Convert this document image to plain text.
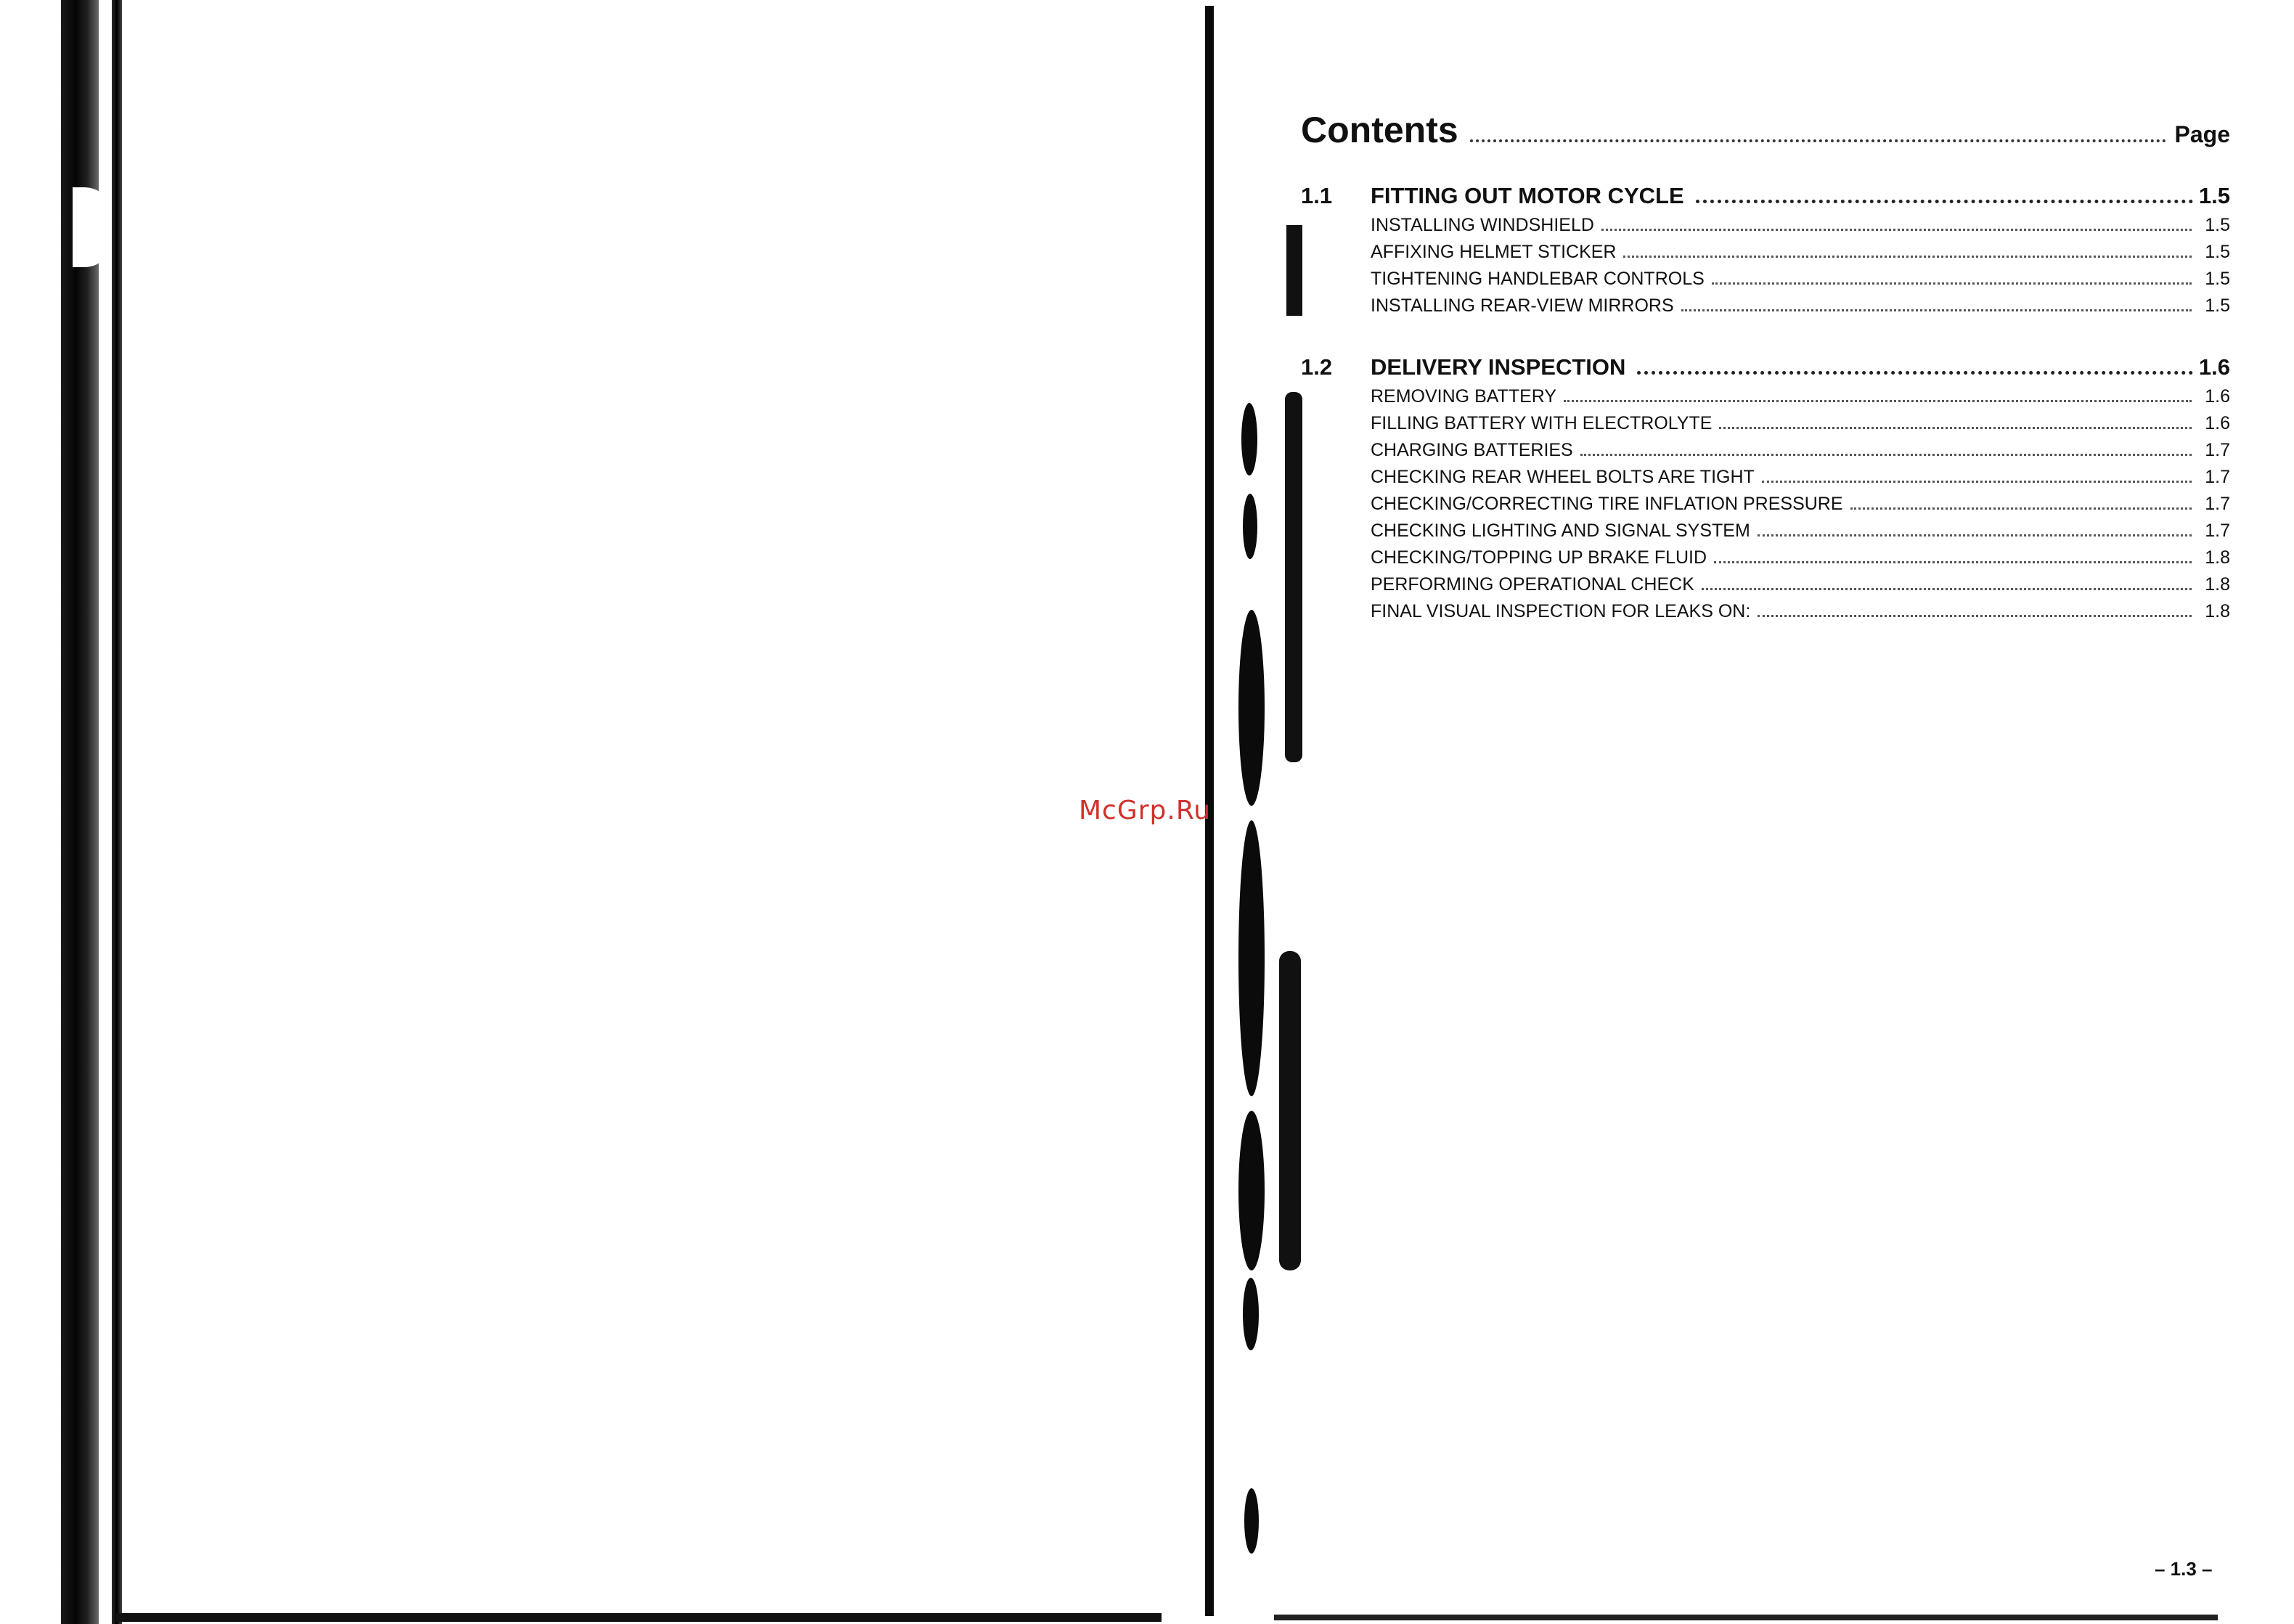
McGrp.Ru
Contents	Page
1.1	FITTING OUT MOTOR CYCLE	1.5
INSTALLING WINDSHIELD	1.5
AFFIXING HELMET STICKER	1.5
TIGHTENING HANDLEBAR CONTROLS	1.5
INSTALLING REAR-VIEW MIRRORS	1.5
1.2	DELIVERY INSPECTION	1.6
REMOVING BATTERY	1.6
FILLING BATTERY WITH ELECTROLYTE	1.6
CHARGING BATTERIES	1.7
CHECKING REAR WHEEL BOLTS ARE TIGHT	1.7
CHECKING/CORRECTING TIRE INFLATION PRESSURE	1.7
CHECKING LIGHTING AND SIGNAL SYSTEM	1.7
CHECKING/TOPPING UP BRAKE FLUID	1.8
PERFORMING OPERATIONAL CHECK	1.8
FINAL VISUAL INSPECTION FOR LEAKS ON:	1.8
– 1.3 –
